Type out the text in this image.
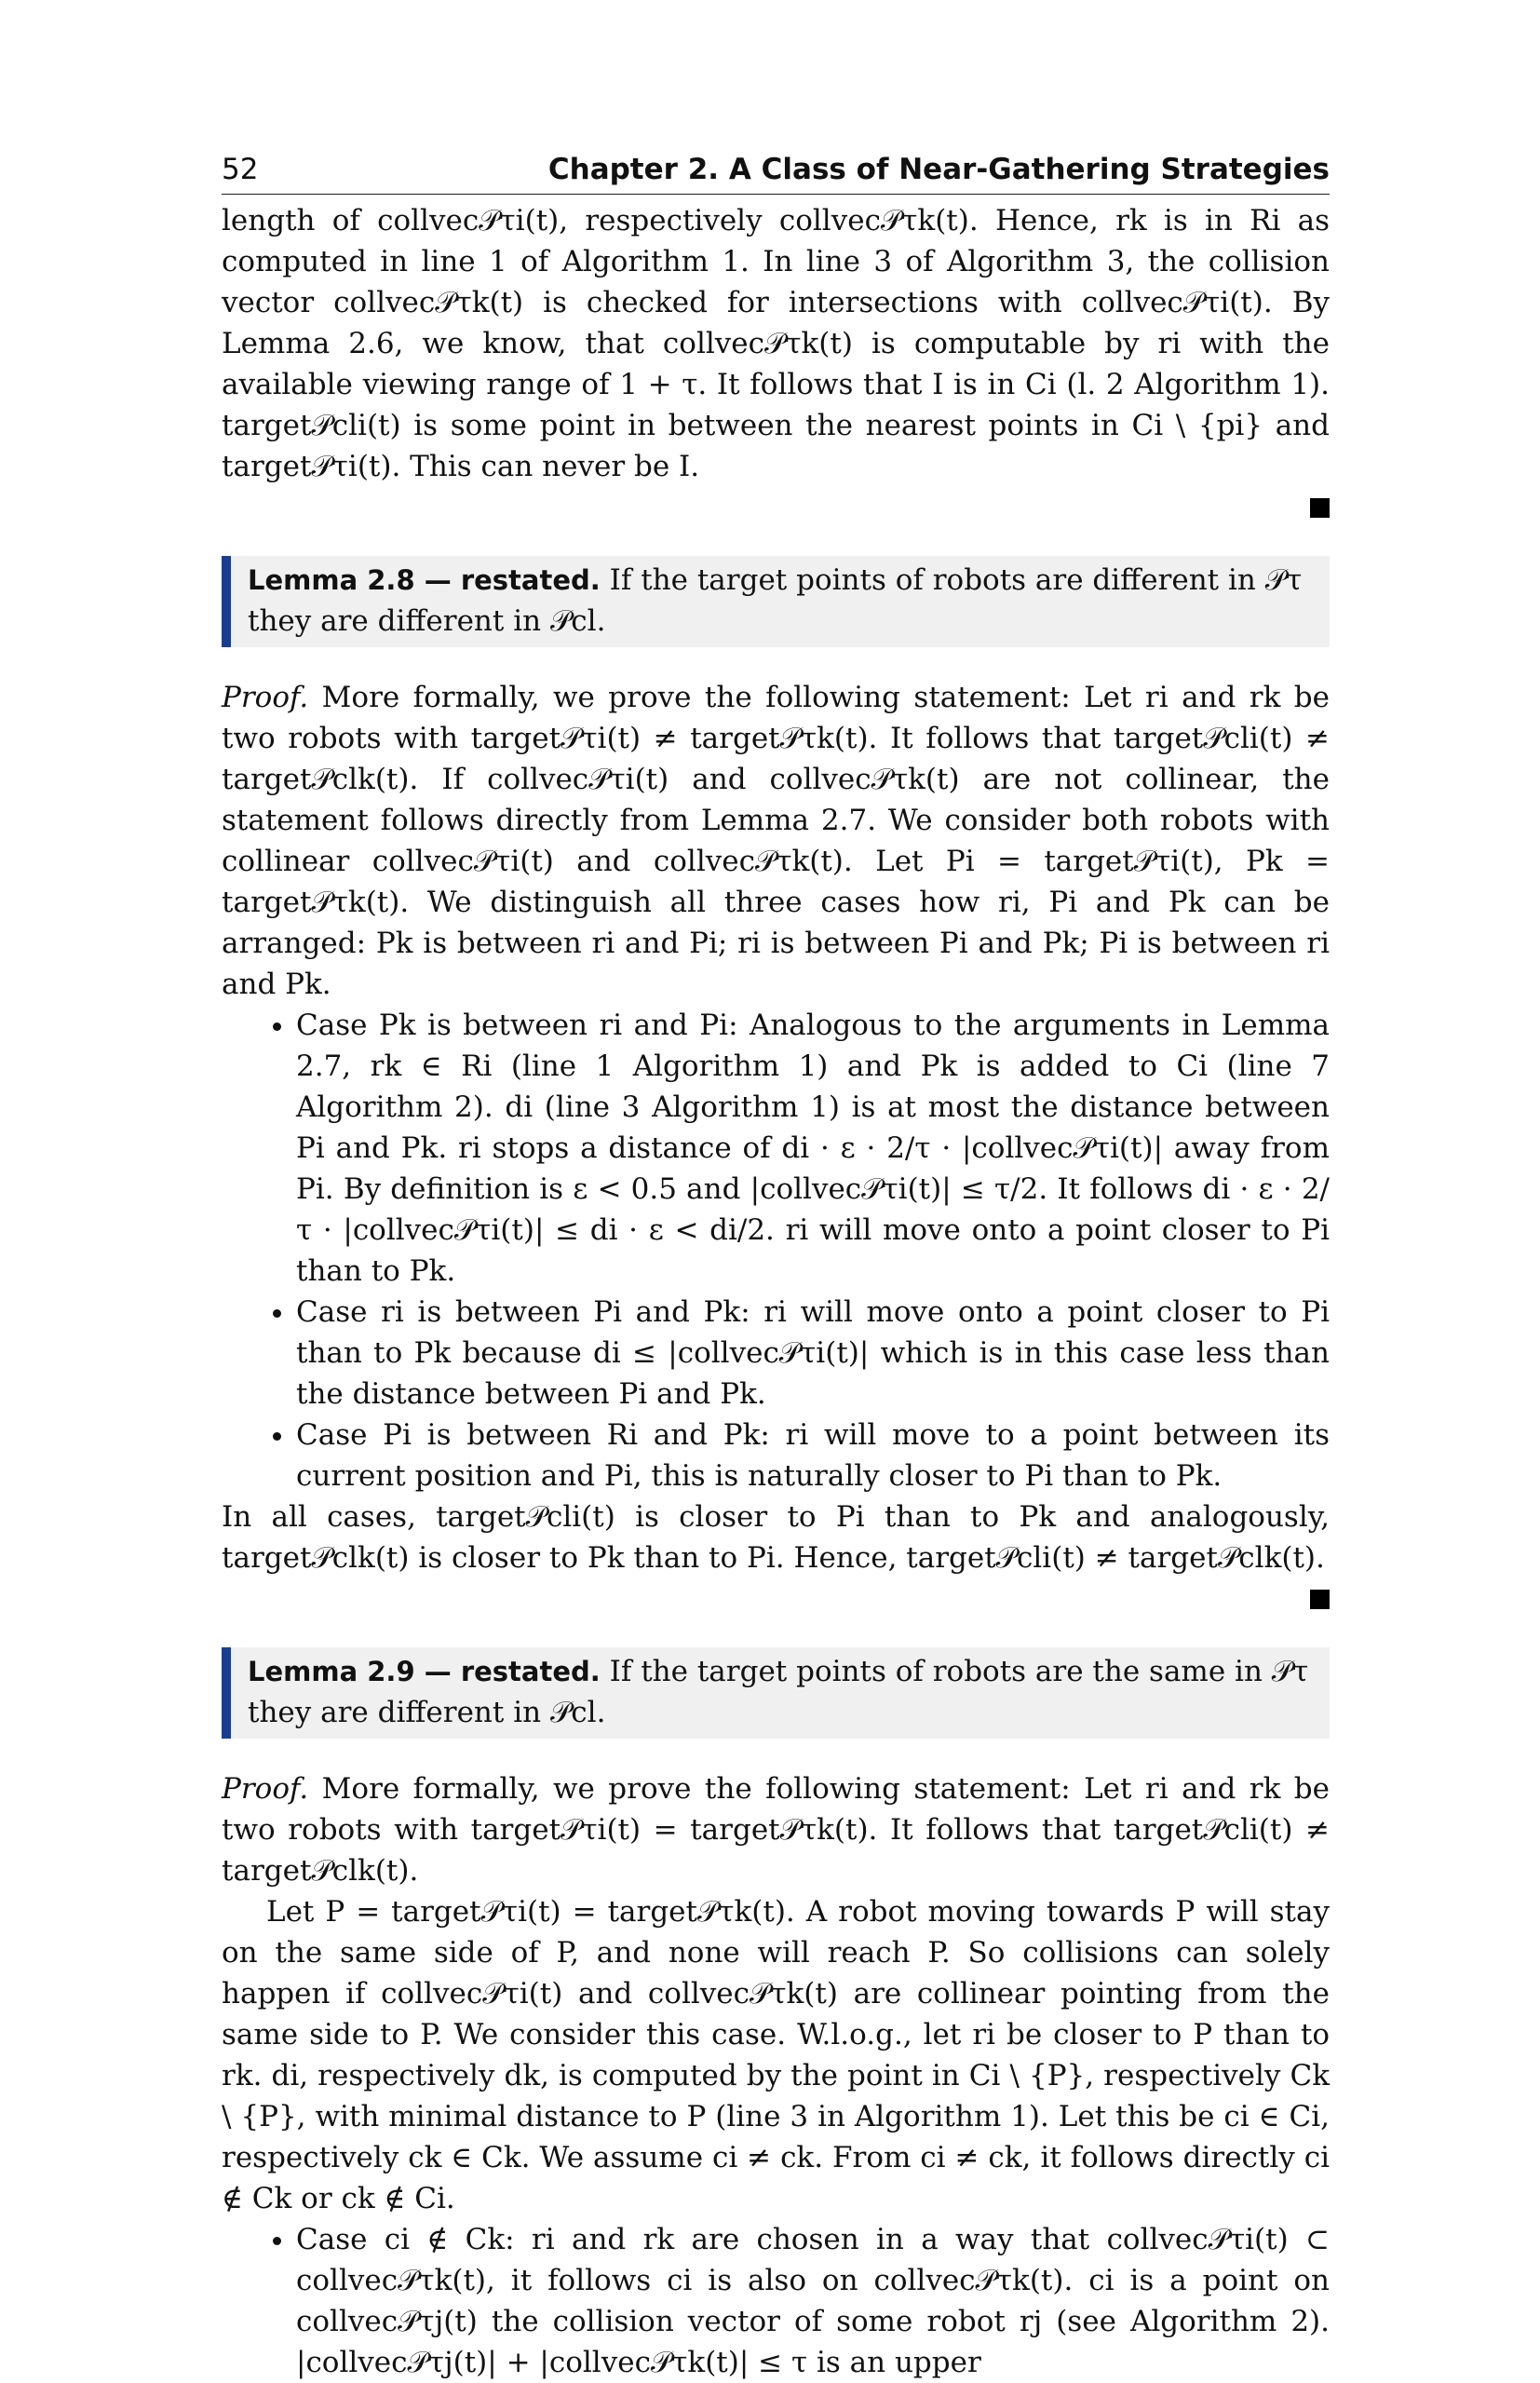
52	Chapter 2. A Class of Near-Gathering Strategies

length of collvec𝒫τi(t), respectively collvec𝒫τk(t). Hence, rk is in Ri as computed in line 1 of Algorithm 1. In line 3 of Algorithm 3, the collision vector collvec𝒫τk(t) is checked for intersections with collvec𝒫τi(t). By Lemma 2.6, we know, that collvec𝒫τk(t) is computable by ri with the available viewing range of 1 + τ. It follows that I is in Ci (l. 2 Algorithm 1). target𝒫cli(t) is some point in between the nearest points in Ci \ {pi} and target𝒫τi(t). This can never be I.

Lemma 2.8 — restated. If the target points of robots are different in 𝒫τ they are different in 𝒫cl.

Proof. More formally, we prove the following statement: Let ri and rk be two robots with target𝒫τi(t) ≠ target𝒫τk(t). It follows that target𝒫cli(t) ≠ target𝒫clk(t). If collvec𝒫τi(t) and collvec𝒫τk(t) are not collinear, the statement follows directly from Lemma 2.7. We consider both robots with collinear collvec𝒫τi(t) and collvec𝒫τk(t). Let Pi = target𝒫τi(t), Pk = target𝒫τk(t). We distinguish all three cases how ri, Pi and Pk can be arranged: Pk is between ri and Pi; ri is between Pi and Pk; Pi is between ri and Pk.

• Case Pk is between ri and Pi: Analogous to the arguments in Lemma 2.7, rk ∈ Ri (line 1 Algorithm 1) and Pk is added to Ci (line 7 Algorithm 2). di (line 3 Algorithm 1) is at most the distance between Pi and Pk. ri stops a distance of di · ε · 2/τ · |collvec𝒫τi(t)| away from Pi. By definition is ε < 0.5 and |collvec𝒫τi(t)| ≤ τ/2. It follows di · ε · 2/τ · |collvec𝒫τi(t)| ≤ di · ε < di/2. ri will move onto a point closer to Pi than to Pk.
• Case ri is between Pi and Pk: ri will move onto a point closer to Pi than to Pk because di ≤ |collvec𝒫τi(t)| which is in this case less than the distance between Pi and Pk.
• Case Pi is between Ri and Pk: ri will move to a point between its current position and Pi, this is naturally closer to Pi than to Pk.

In all cases, target𝒫cli(t) is closer to Pi than to Pk and analogously, target𝒫clk(t) is closer to Pk than to Pi. Hence, target𝒫cli(t) ≠ target𝒫clk(t).

Lemma 2.9 — restated. If the target points of robots are the same in 𝒫τ they are different in 𝒫cl.

Proof. More formally, we prove the following statement: Let ri and rk be two robots with target𝒫τi(t) = target𝒫τk(t). It follows that target𝒫cli(t) ≠ target𝒫clk(t).

Let P = target𝒫τi(t) = target𝒫τk(t). A robot moving towards P will stay on the same side of P, and none will reach P. So collisions can solely happen if collvec𝒫τi(t) and collvec𝒫τk(t) are collinear pointing from the same side to P. We consider this case. W.l.o.g., let ri be closer to P than to rk. di, respectively dk, is computed by the point in Ci \ {P}, respectively Ck \ {P}, with minimal distance to P (line 3 in Algorithm 1). Let this be ci ∈ Ci, respectively ck ∈ Ck. We assume ci ≠ ck. From ci ≠ ck, it follows directly ci ∉ Ck or ck ∉ Ci.

• Case ci ∉ Ck: ri and rk are chosen in a way that collvec𝒫τi(t) ⊂ collvec𝒫τk(t), it follows ci is also on collvec𝒫τk(t). ci is a point on collvec𝒫τj(t) the collision vector of some robot rj (see Algorithm 2). |collvec𝒫τj(t)| + |collvec𝒫τk(t)| ≤ τ is an upper
